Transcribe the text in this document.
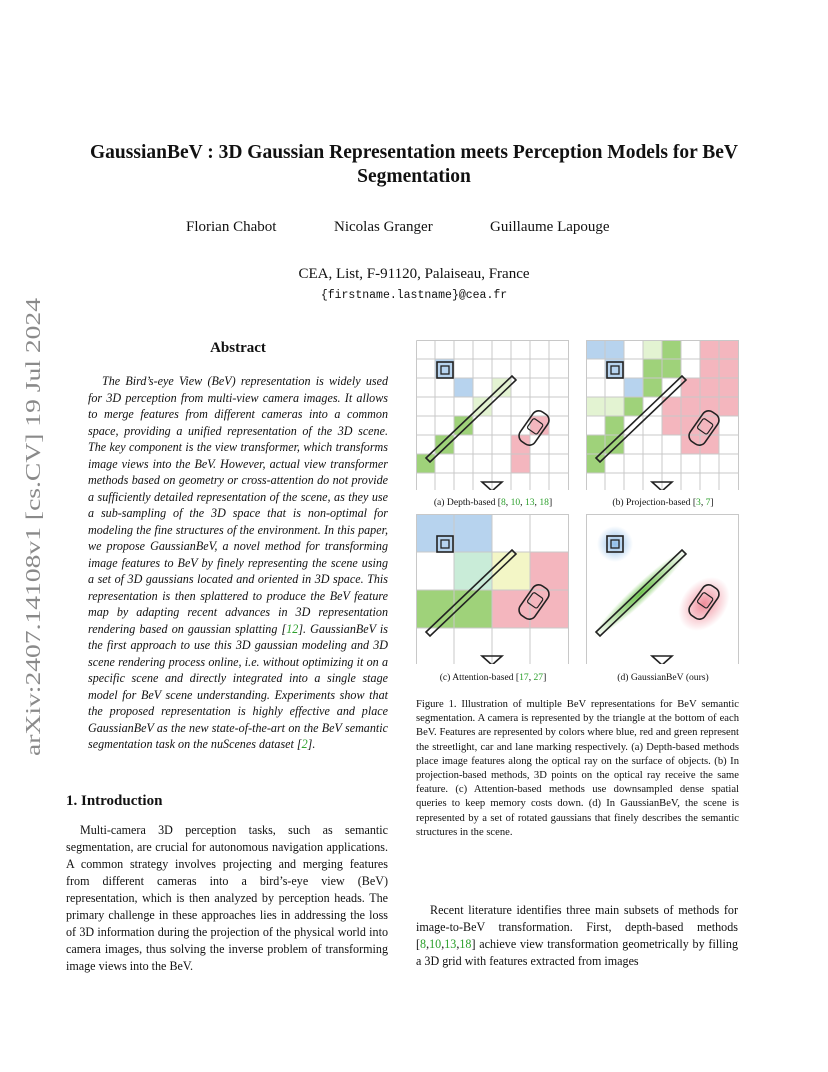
arXiv:2407.14108v1 [cs.CV] 19 Jul 2024
GaussianBeV : 3D Gaussian Representation meets Perception Models for BeV Segmentation
Florian Chabot	Nicolas Granger	Guillaume Lapouge
CEA, List, F-91120, Palaiseau, France
{firstname.lastname}@cea.fr
Abstract
The Bird’s-eye View (BeV) representation is widely used for 3D perception from multi-view camera images. It allows to merge features from different cameras into a common space, providing a unified representation of the 3D scene. The key component is the view transformer, which transforms image views into the BeV. However, actual view transformer methods based on geometry or cross-attention do not provide a sufficiently detailed representation of the scene, as they use a sub-sampling of the 3D space that is non-optimal for modeling the fine structures of the environment. In this paper, we propose GaussianBeV, a novel method for transforming image features to BeV by finely representing the scene using a set of 3D gaussians located and oriented in 3D space. This representation is then splattered to produce the BeV feature map by adapting recent advances in 3D representation rendering based on gaussian splatting [12]. GaussianBeV is the first approach to use this 3D gaussian modeling and 3D scene rendering process online, i.e. without optimizing it on a specific scene and directly integrated into a single stage model for BeV scene understanding. Experiments show that the proposed representation is highly effective and place GaussianBeV as the new state-of-the-art on the BeV semantic segmentation task on the nuScenes dataset [2].
1. Introduction
Multi-camera 3D perception tasks, such as semantic segmentation, are crucial for autonomous navigation applications. A common strategy involves projecting and merging features from different cameras into a bird’s-eye view (BeV) representation, which is then analyzed by perception heads. The primary challenge in these approaches lies in addressing the loss of 3D information during the projection of the physical world into camera images, thus solving the inverse problem of transforming image views into the BeV.
(a) Depth-based [8, 10, 13, 18]	(b) Projection-based [3, 7]
(c) Attention-based [17, 27]	(d) GaussianBeV (ours)
Figure 1. Illustration of multiple BeV representations for BeV semantic segmentation. A camera is represented by the triangle at the bottom of each BeV. Features are represented by colors where blue, red and green represent the streetlight, car and lane marking respectively. (a) Depth-based methods place image features along the optical ray on the surface of objects. (b) In projection-based methods, 3D points on the optical ray receive the same feature. (c) Attention-based methods use downsampled dense spatial queries to keep memory costs down. (d) In GaussianBeV, the scene is represented by a set of rotated gaussians that finely describes the semantic structures in the scene.
Recent literature identifies three main subsets of methods for image-to-BeV transformation. First, depth-based methods [8,10,13,18] achieve view transformation geometrically by filling a 3D grid with features extracted from images
